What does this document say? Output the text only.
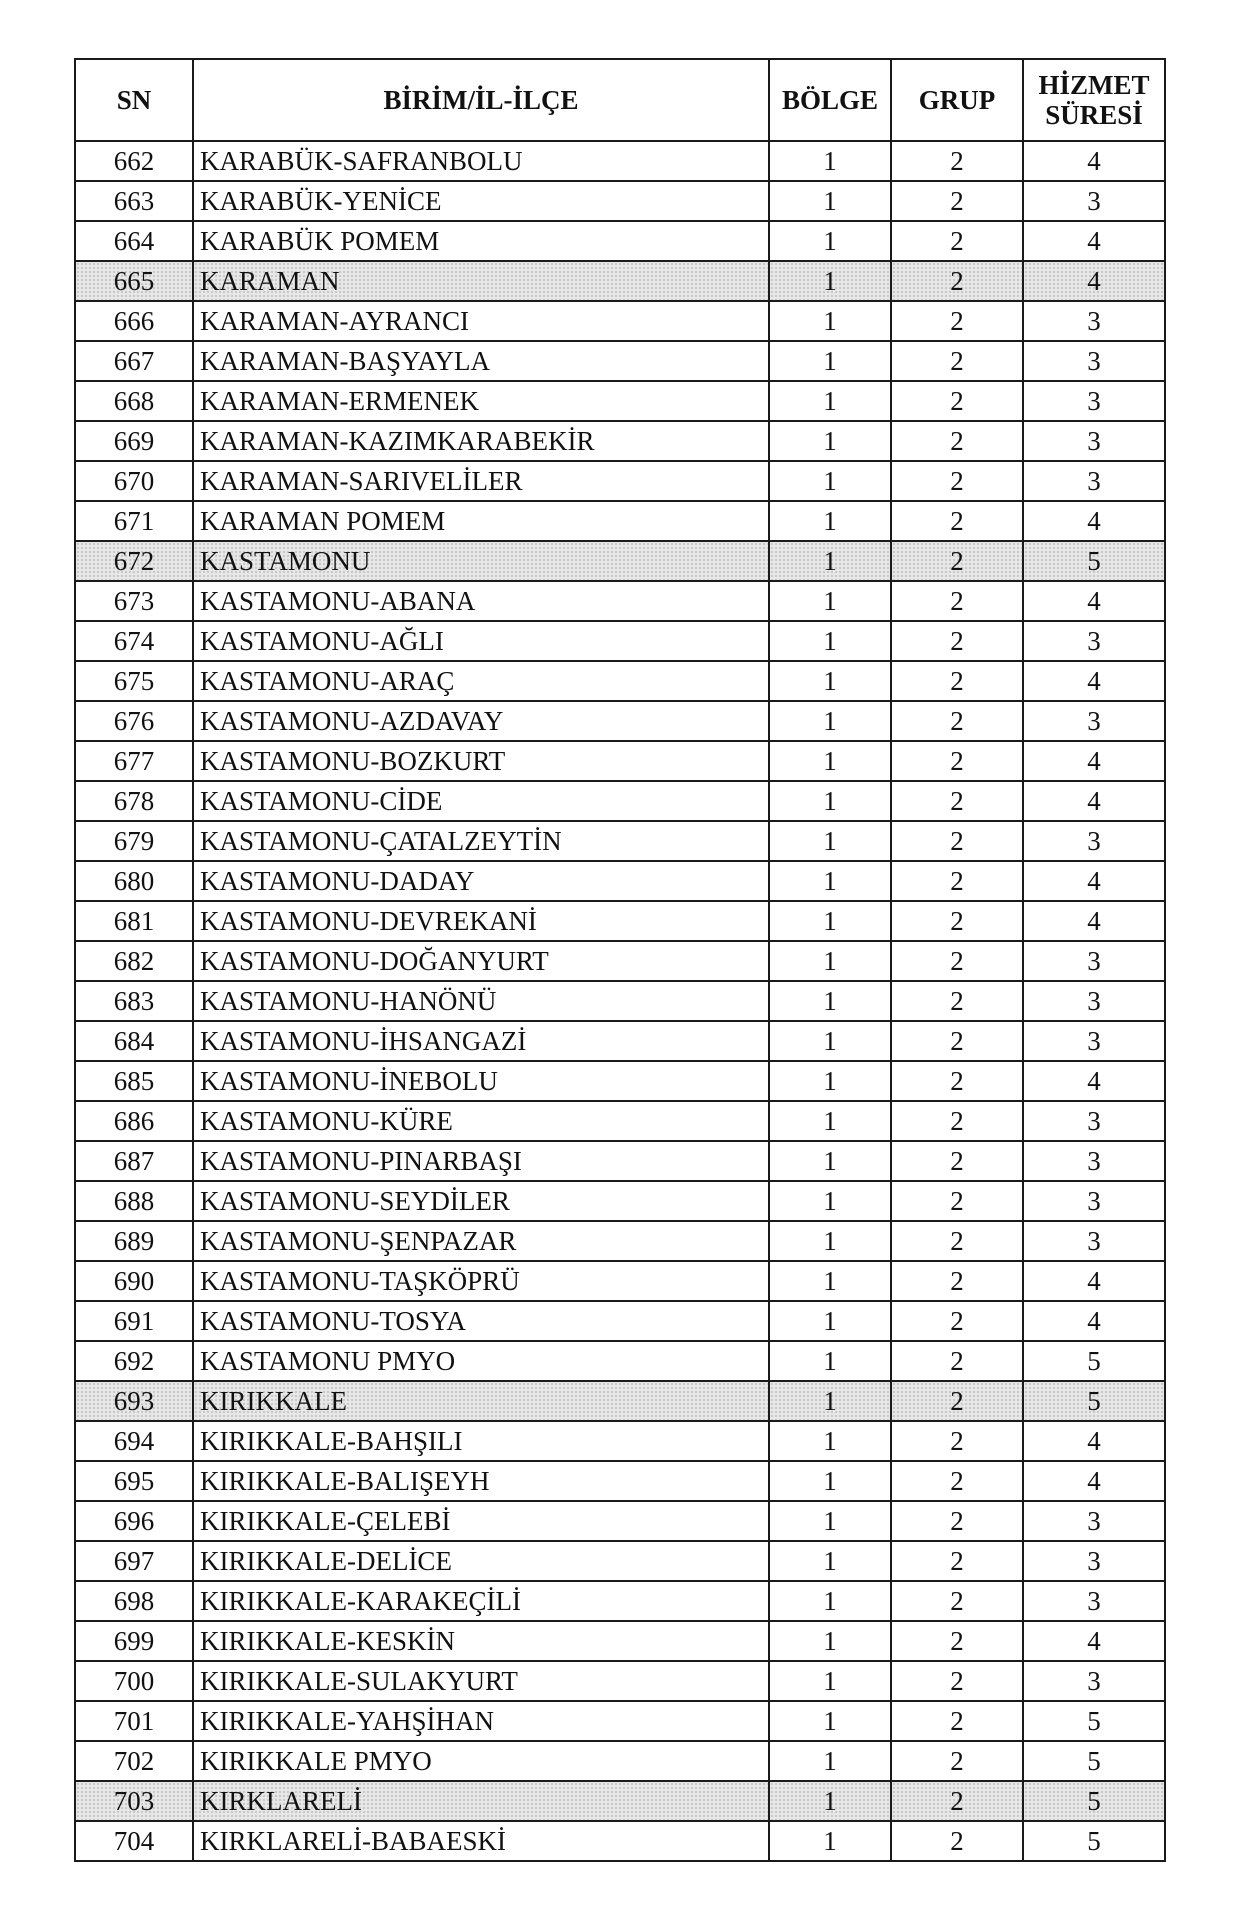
SN	BİRİM/İL-İLÇE	BÖLGE	GRUP	HİZMET
SÜRESİ
662	KARABÜK-SAFRANBOLU	1	2	4
663	KARABÜK-YENİCE	1	2	3
664	KARABÜK POMEM	1	2	4
665	KARAMAN	1	2	4
666	KARAMAN-AYRANCI	1	2	3
667	KARAMAN-BAŞYAYLA	1	2	3
668	KARAMAN-ERMENEK	1	2	3
669	KARAMAN-KAZIMKARABEKİR	1	2	3
670	KARAMAN-SARIVELİLER	1	2	3
671	KARAMAN POMEM	1	2	4
672	KASTAMONU	1	2	5
673	KASTAMONU-ABANA	1	2	4
674	KASTAMONU-AĞLI	1	2	3
675	KASTAMONU-ARAÇ	1	2	4
676	KASTAMONU-AZDAVAY	1	2	3
677	KASTAMONU-BOZKURT	1	2	4
678	KASTAMONU-CİDE	1	2	4
679	KASTAMONU-ÇATALZEYTİN	1	2	3
680	KASTAMONU-DADAY	1	2	4
681	KASTAMONU-DEVREKANİ	1	2	4
682	KASTAMONU-DOĞANYURT	1	2	3
683	KASTAMONU-HANÖNÜ	1	2	3
684	KASTAMONU-İHSANGAZİ	1	2	3
685	KASTAMONU-İNEBOLU	1	2	4
686	KASTAMONU-KÜRE	1	2	3
687	KASTAMONU-PINARBAŞI	1	2	3
688	KASTAMONU-SEYDİLER	1	2	3
689	KASTAMONU-ŞENPAZAR	1	2	3
690	KASTAMONU-TAŞKÖPRÜ	1	2	4
691	KASTAMONU-TOSYA	1	2	4
692	KASTAMONU PMYO	1	2	5
693	KIRIKKALE	1	2	5
694	KIRIKKALE-BAHŞILI	1	2	4
695	KIRIKKALE-BALIŞEYH	1	2	4
696	KIRIKKALE-ÇELEBİ	1	2	3
697	KIRIKKALE-DELİCE	1	2	3
698	KIRIKKALE-KARAKEÇİLİ	1	2	3
699	KIRIKKALE-KESKİN	1	2	4
700	KIRIKKALE-SULAKYURT	1	2	3
701	KIRIKKALE-YAHŞİHAN	1	2	5
702	KIRIKKALE PMYO	1	2	5
703	KIRKLARELİ	1	2	5
704	KIRKLARELİ-BABAESKİ	1	2	5
